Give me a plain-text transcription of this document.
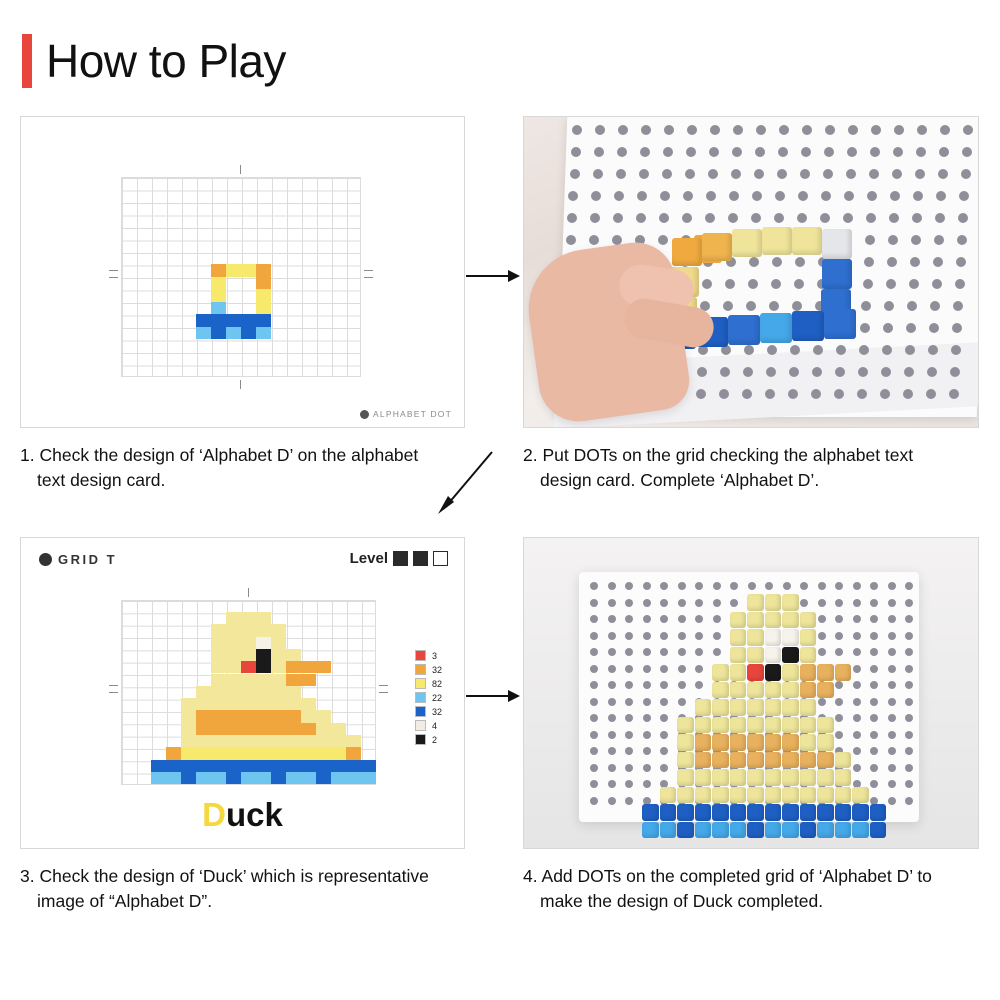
How to Play
ALPHABET DOT
GRID T	Level
3
32
82
22
32
4
2
Duck
1. Check the design of ‘Alphabet D’ on the alphabet
text design card.
2. Put DOTs on the grid checking the alphabet text
design card. Complete ‘Alphabet D’.
3. Check the design of ‘Duck’ which is representative
image of “Alphabet D”.
4. Add DOTs on the completed grid of ‘Alphabet D’ to
make the design of Duck completed.
